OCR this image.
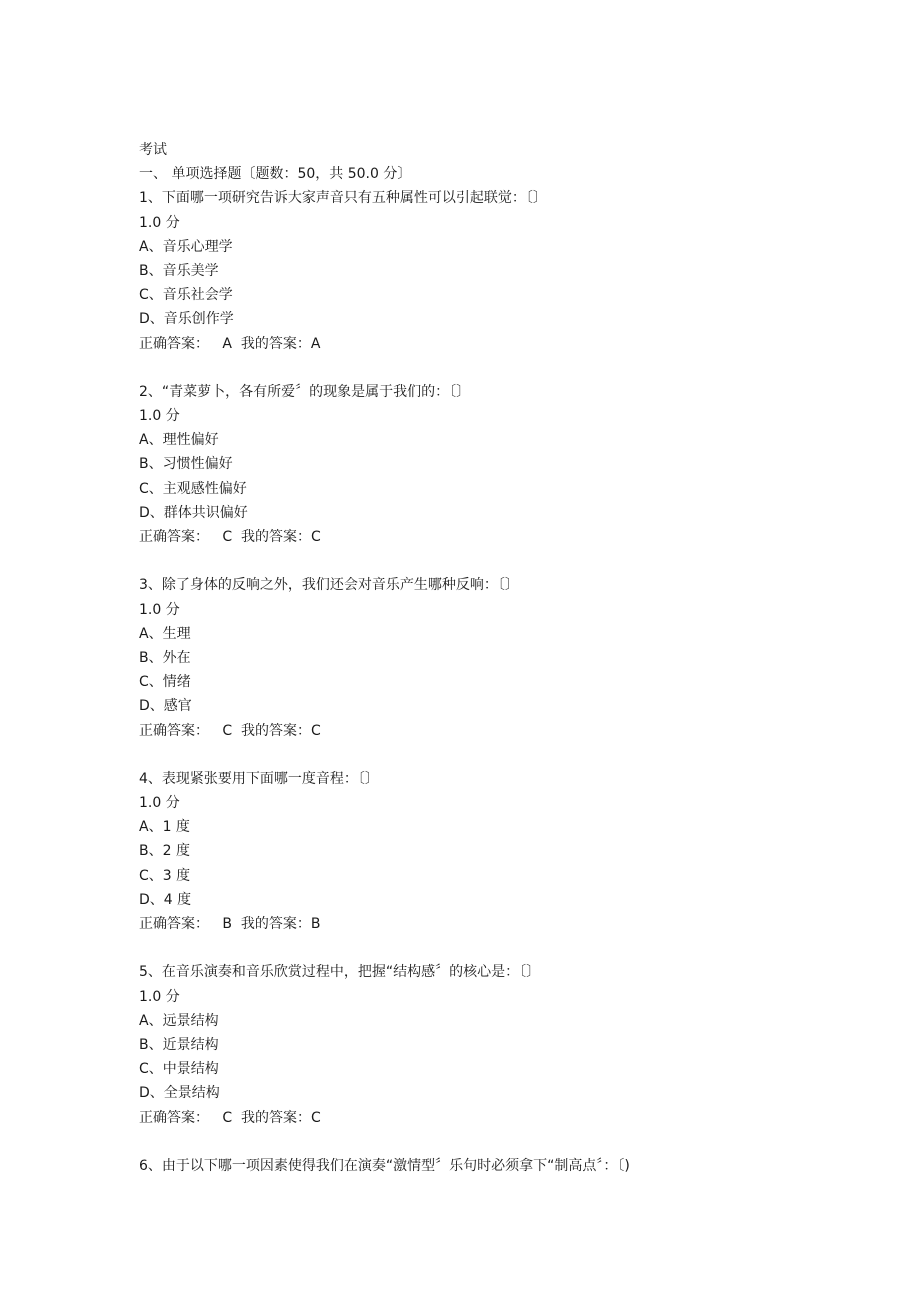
考试
一、 单项选择题〔题数：50，共 50.0 分〕
1、下面哪一项研究告诉大家声音只有五种属性可以引起联觉：〔〕
1.0 分
A、音乐心理学
B、音乐美学
C、音乐社会学
D、音乐创作学
正确答案： A 我的答案：A
2、“青菜萝卜，各有所爱〞的现象是属于我们的：〔〕
1.0 分
A、理性偏好
B、习惯性偏好
C、主观感性偏好
D、群体共识偏好
正确答案： C 我的答案：C
3、除了身体的反响之外，我们还会对音乐产生哪种反响：〔〕
1.0 分
A、生理
B、外在
C、情绪
D、感官
正确答案： C 我的答案：C
4、表现紧张要用下面哪一度音程：〔〕
1.0 分
A、1 度
B、2 度
C、3 度
D、4 度
正确答案： B 我的答案：B
5、在音乐演奏和音乐欣赏过程中，把握“结构感〞的核心是：〔〕
1.0 分
A、远景结构
B、近景结构
C、中景结构
D、全景结构
正确答案： C 我的答案：C
6、由于以下哪一项因素使得我们在演奏“激情型〞乐句时必须拿下“制高点〞：〔)
